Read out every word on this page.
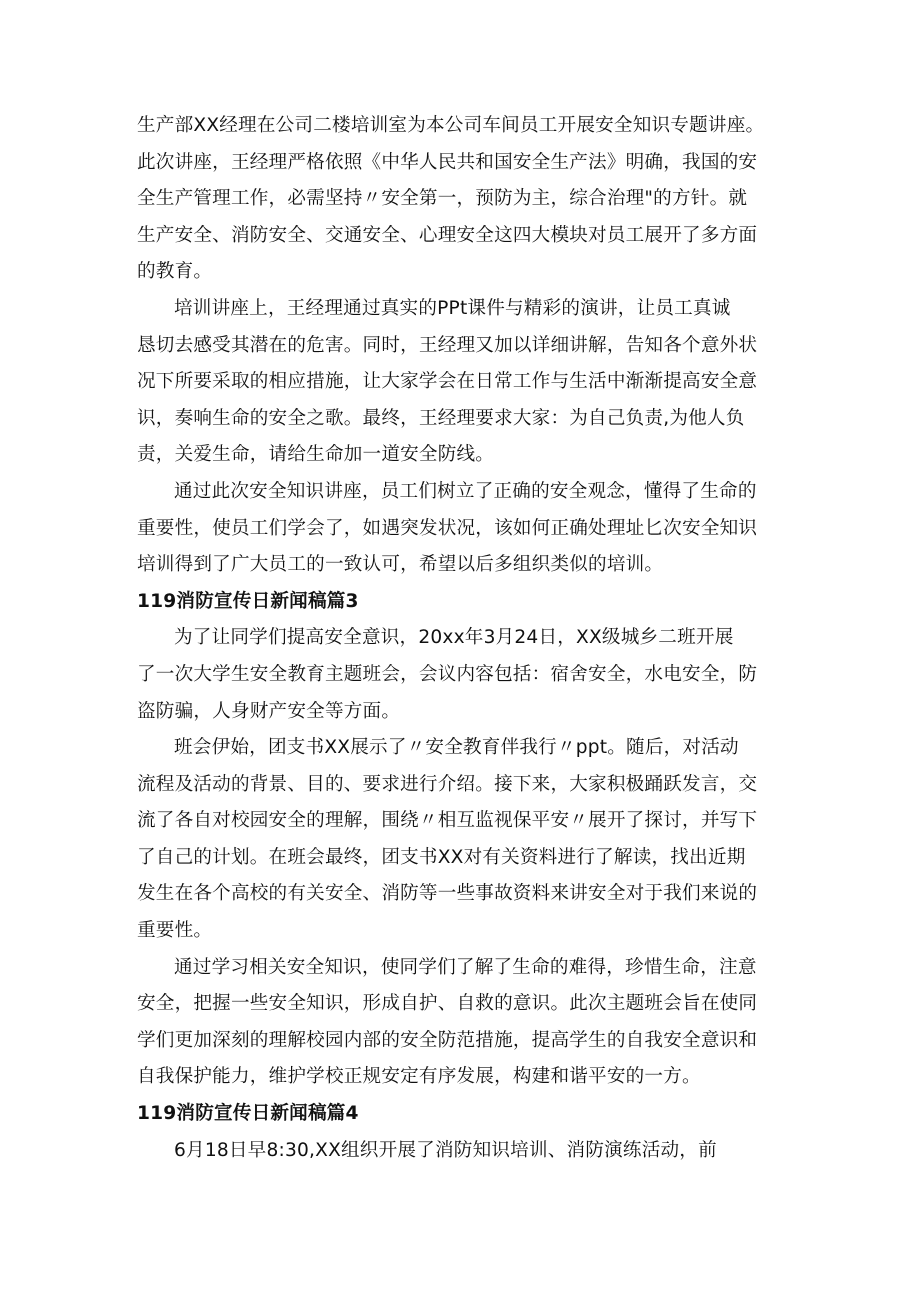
生产部XX经理在公司二楼培训室为本公司车间员工开展安全知识专题讲座。
此次讲座，王经理严格依照《中华人民共和国安全生产法》明确，我国的安
全生产管理工作，必需坚持〃安全第一，预防为主，综合治理"的方针。就
生产安全、消防安全、交通安全、心理安全这四大模块对员工展开了多方面
的教育。
培训讲座上，王经理通过真实的PPt课件与精彩的演讲，让员工真诚
恳切去感受其潜在的危害。同时，王经理又加以详细讲解，告知各个意外状
况下所要采取的相应措施，让大家学会在日常工作与生活中渐渐提高安全意
识，奏响生命的安全之歌。最终，王经理要求大家：为自己负责,为他人负
责，关爱生命，请给生命加一道安全防线。
通过此次安全知识讲座，员工们树立了正确的安全观念，懂得了生命的
重要性，使员工们学会了，如遇突发状况，该如何正确处理址匕次安全知识
培训得到了广大员工的一致认可，希望以后多组织类似的培训。
119消防宣传日新闻稿篇3
为了让同学们提高安全意识，20xx年3月24日，XX级城乡二班开展
了一次大学生安全教育主题班会，会议内容包括：宿舍安全，水电安全，防
盗防骗，人身财产安全等方面。
班会伊始，团支书XX展示了〃安全教育伴我行〃ppt。随后，对活动
流程及活动的背景、目的、要求进行介绍。接下来，大家积极踊跃发言，交
流了各自对校园安全的理解，围绕〃相互监视保平安〃展开了探讨，并写下
了自己的计划。在班会最终，团支书XX对有关资料进行了解读，找出近期
发生在各个高校的有关安全、消防等一些事故资料来讲安全对于我们来说的
重要性。
通过学习相关安全知识，使同学们了解了生命的难得，珍惜生命，注意
安全，把握一些安全知识，形成自护、自救的意识。此次主题班会旨在使同
学们更加深刻的理解校园内部的安全防范措施，提高学生的自我安全意识和
自我保护能力，维护学校正规安定有序发展，构建和谐平安的一方。
119消防宣传日新闻稿篇4
6月18日早8:30,XX组织开展了消防知识培训、消防演练活动，前
